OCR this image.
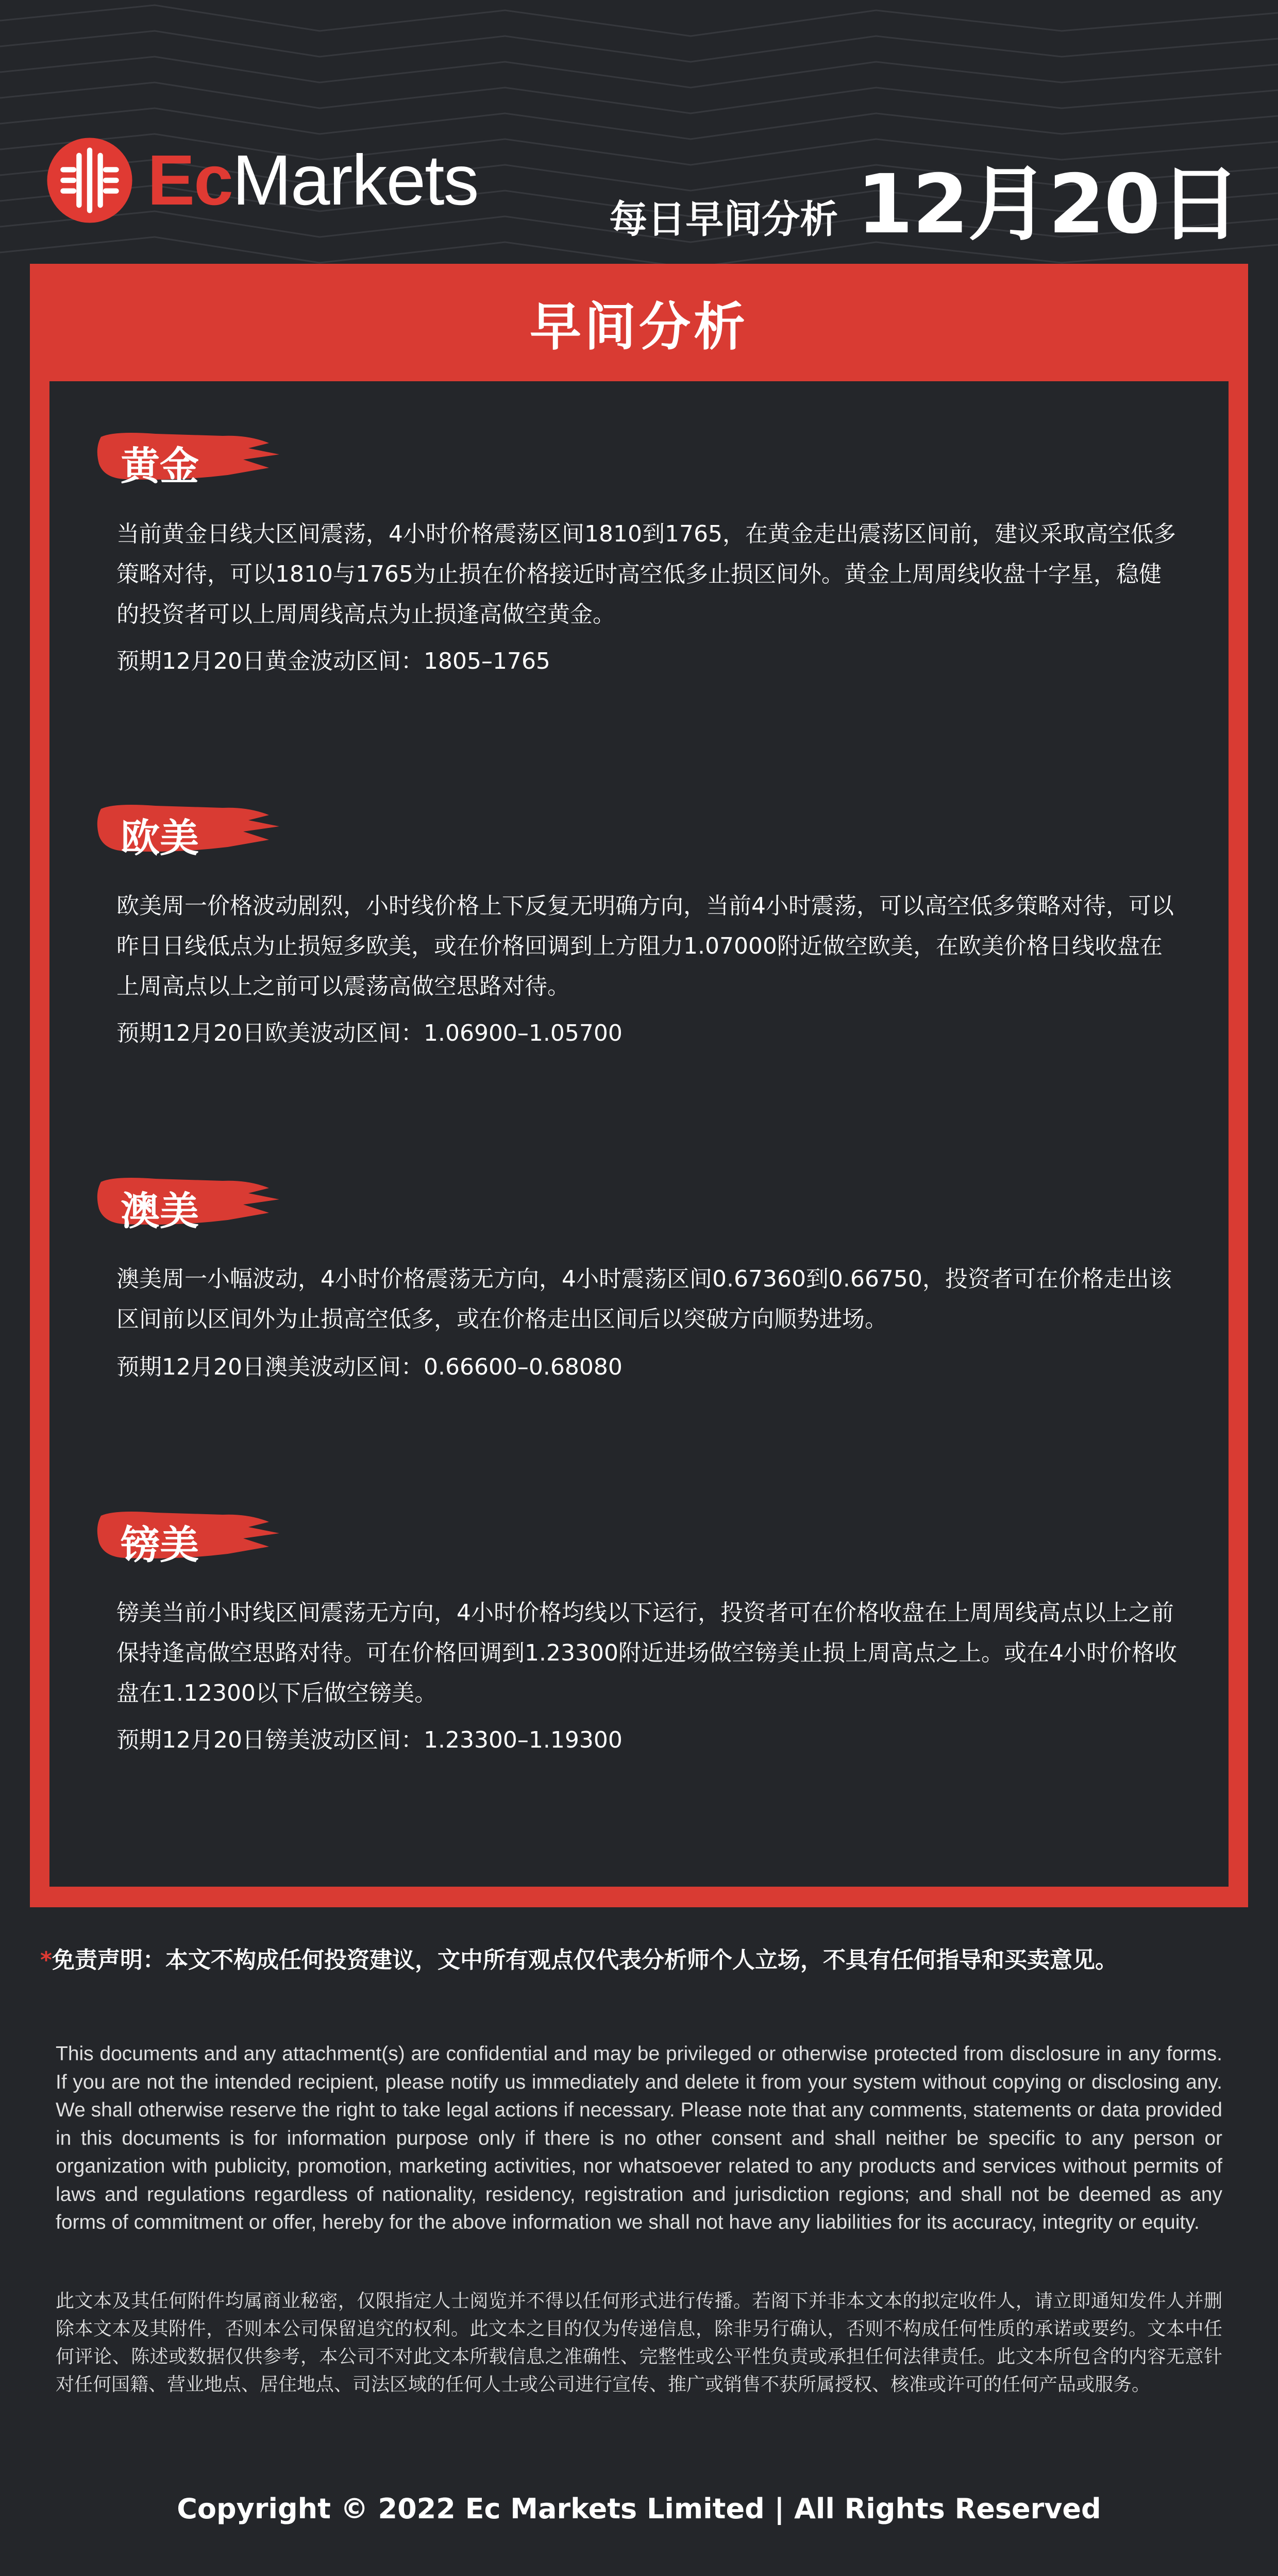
EcMarkets	每日早间分析 12月20日
早间分析
黄金
当前黄金日线大区间震荡，4小时价格震荡区间1810到1765，在黄金走出震荡区间前，建议采取高空低多策略对待，可以1810与1765为止损在价格接近时高空低多止损区间外。黄金上周周线收盘十字星，稳健的投资者可以上周周线高点为止损逢高做空黄金。
预期12月20日黄金波动区间：1805–1765
欧美
欧美周一价格波动剧烈，小时线价格上下反复无明确方向，当前4小时震荡，可以高空低多策略对待，可以昨日日线低点为止损短多欧美，或在价格回调到上方阻力1.07000附近做空欧美，在欧美价格日线收盘在上周高点以上之前可以震荡高做空思路对待。
预期12月20日欧美波动区间：1.06900–1.05700
澳美
澳美周一小幅波动，4小时价格震荡无方向，4小时震荡区间0.67360到0.66750，投资者可在价格走出该区间前以区间外为止损高空低多，或在价格走出区间后以突破方向顺势进场。
预期12月20日澳美波动区间：0.66600–0.68080
镑美
镑美当前小时线区间震荡无方向，4小时价格均线以下运行，投资者可在价格收盘在上周周线高点以上之前保持逢高做空思路对待。可在价格回调到1.23300附近进场做空镑美止损上周高点之上。或在4小时价格收盘在1.12300以下后做空镑美。
预期12月20日镑美波动区间：1.23300–1.19300
*免责声明：本文不构成任何投资建议，文中所有观点仅代表分析师个人立场，不具有任何指导和买卖意见。
This documents and any attachment(s) are confidential and may be privileged or otherwise protected from disclosure in any forms. If you are not the intended recipient, please notify us immediately and delete it from your system without copying or disclosing any. We shall otherwise reserve the right to take legal actions if necessary. Please note that any comments, statements or data provided in this documents is for information purpose only if there is no other consent and shall neither be specific to any person or organization with publicity, promotion, marketing activities, nor whatsoever related to any products and services without permits of laws and regulations regardless of nationality, residency, registration and jurisdiction regions; and shall not be deemed as any forms of commitment or offer, hereby for the above information we shall not have any liabilities for its accuracy, integrity or equity.
此文本及其任何附件均属商业秘密，仅限指定人士阅览并不得以任何形式进行传播。若阁下并非本文本的拟定收件人，请立即通知发件人并删除本文本及其附件，否则本公司保留追究的权利。此文本之目的仅为传递信息，除非另行确认，否则不构成任何性质的承诺或要约。文本中任何评论、陈述或数据仅供参考，本公司不对此文本所载信息之准确性、完整性或公平性负责或承担任何法律责任。此文本所包含的内容无意针对任何国籍、营业地点、居住地点、司法区域的任何人士或公司进行宣传、推广或销售不获所属授权、核准或许可的任何产品或服务。
Copyright © 2022 Ec Markets Limited | All Rights Reserved
